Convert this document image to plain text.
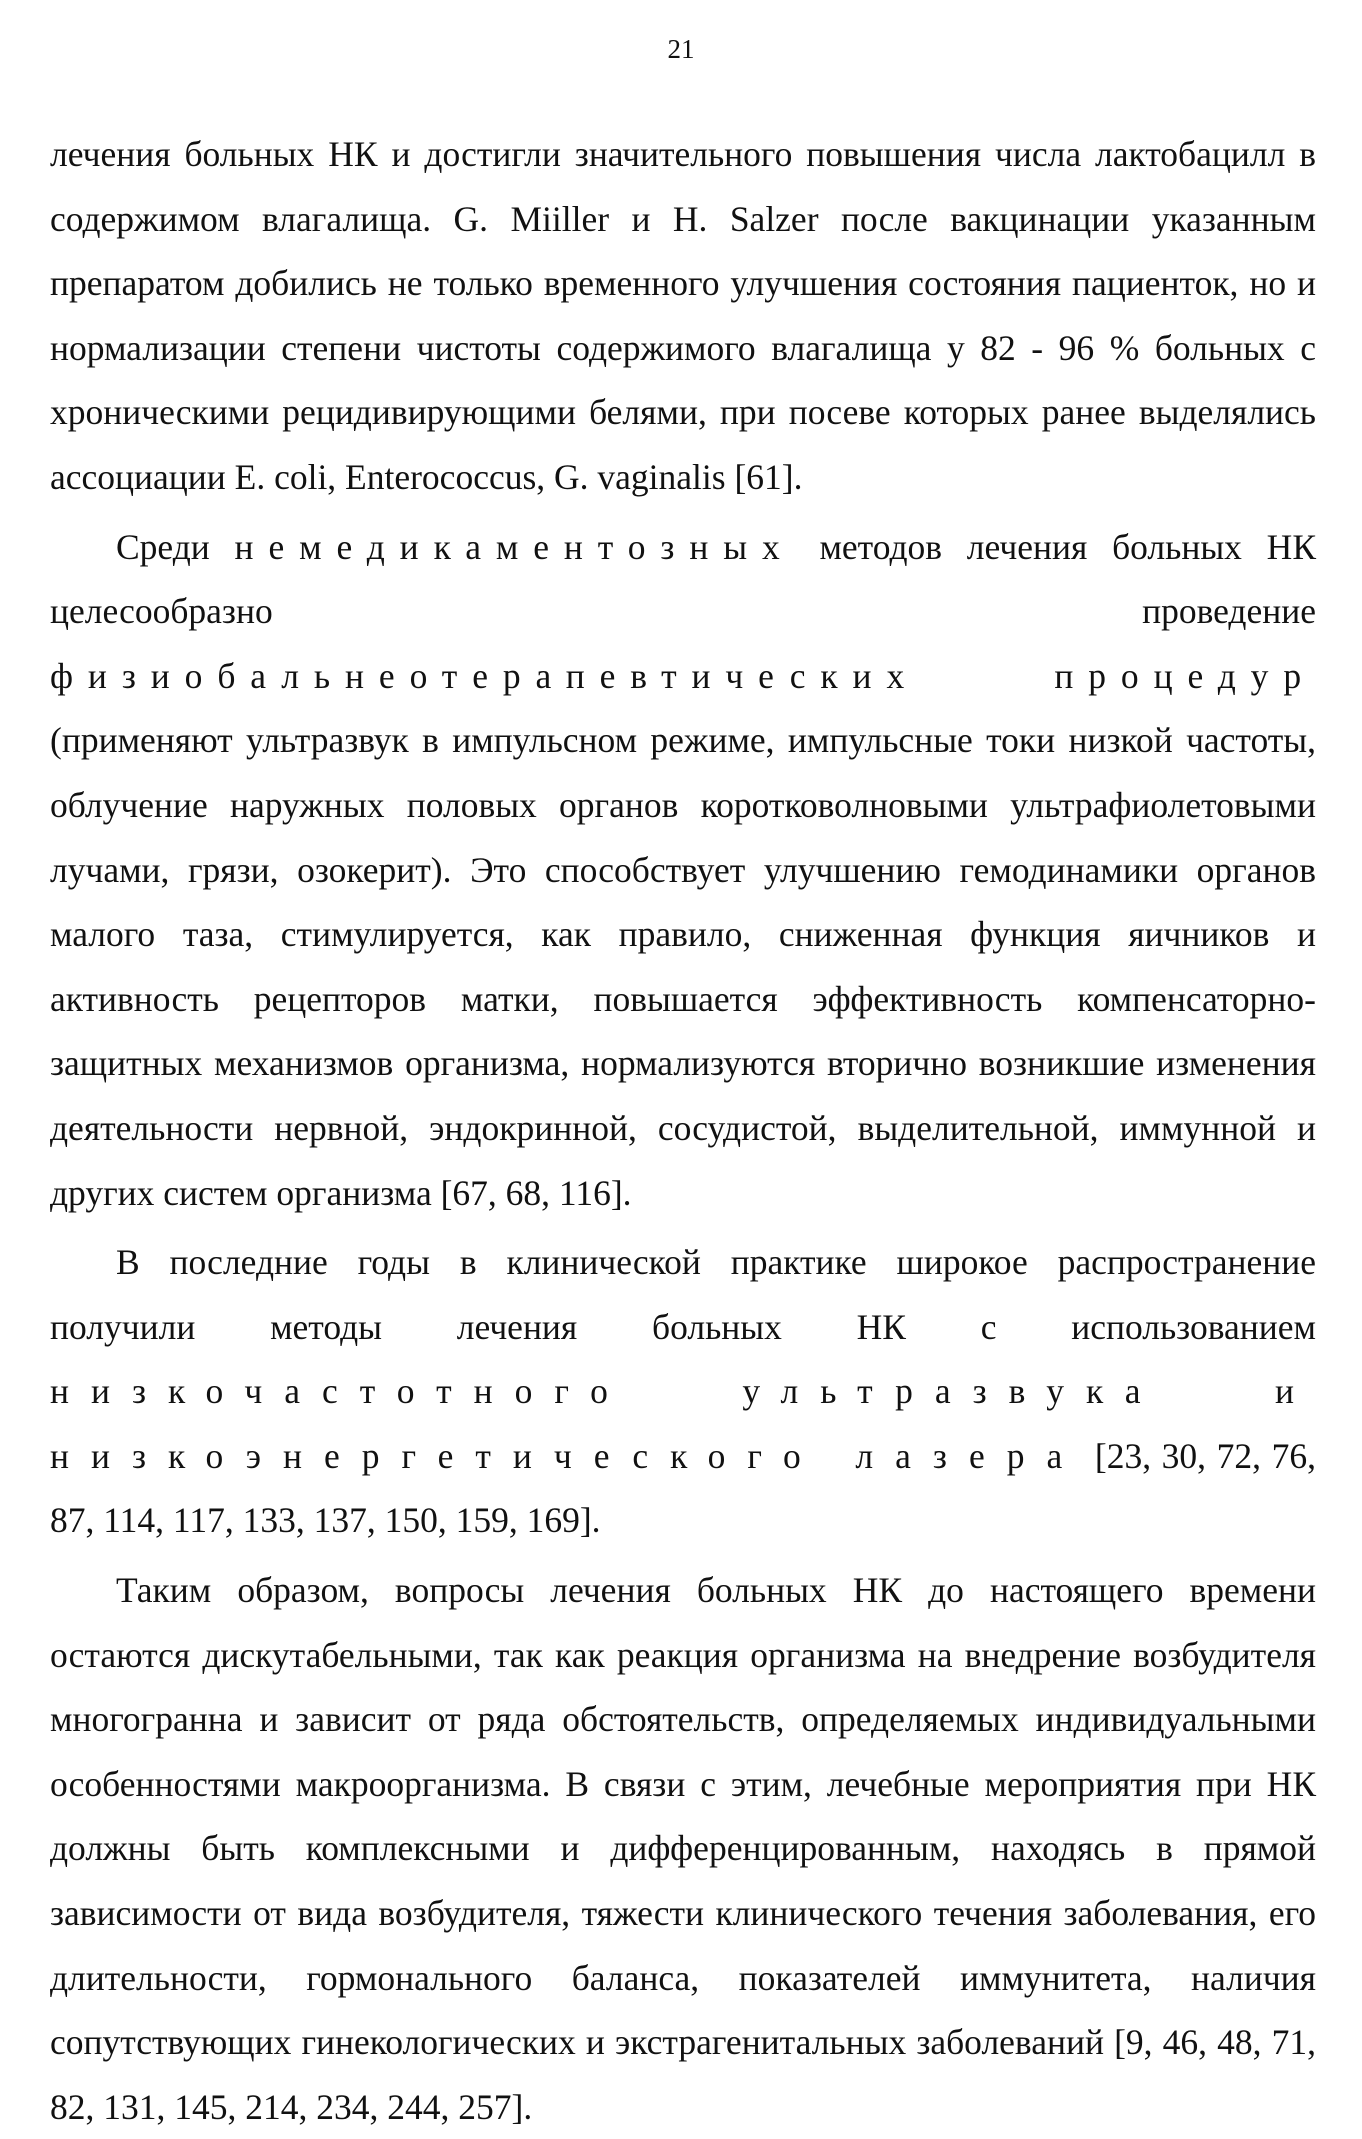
21

лечения больных НК и достигли значительного повышения числа лактобацилл в содержимом влагалища. G. Miiller и H. Salzer после вакцинации указанным препаратом добились не только временного улучшения состояния пациенток, но и нормализации степени чистоты содержимого влагалища у 82 - 96 % больных с хроническими рецидивирующими белями, при посеве которых ранее выделялись ассоциации E. coli, Enterococcus, G. vaginalis [61].

Среди немедикаментозных методов лечения больных НК целесообразно проведение физиобальнеотерапевтических процедур (применяют ультразвук в импульсном режиме, импульсные токи низкой частоты, облучение наружных половых органов коротковолновыми ультрафиолетовыми лучами, грязи, озокерит). Это способствует улучшению гемодинамики органов малого таза, стимулируется, как правило, сниженная функция яичников и активность рецепторов матки, повышается эффективность компенсаторно-защитных механизмов организма, нормализуются вторично возникшие изменения деятельности нервной, эндокринной, сосудистой, выделительной, иммунной и других систем организма [67, 68, 116].

В последние годы в клинической практике широкое распространение получили методы лечения больных НК с использованием низкочастотного ультразвука и низкоэнергетического лазера [23, 30, 72, 76, 87, 114, 117, 133, 137, 150, 159, 169].

Таким образом, вопросы лечения больных НК до настоящего времени остаются дискутабельными, так как реакция организма на внедрение возбудителя многогранна и зависит от ряда обстоятельств, определяемых индивидуальными особенностями макроорганизма. В связи с этим, лечебные мероприятия при НК должны быть комплексными и дифференцированным, находясь в прямой зависимости от вида возбудителя, тяжести клинического течения заболевания, его длительности, гормонального баланса, показателей иммунитета, наличия сопутствующих гинекологических и экстрагенитальных заболеваний [9, 46, 48, 71, 82, 131, 145, 214, 234, 244, 257].
